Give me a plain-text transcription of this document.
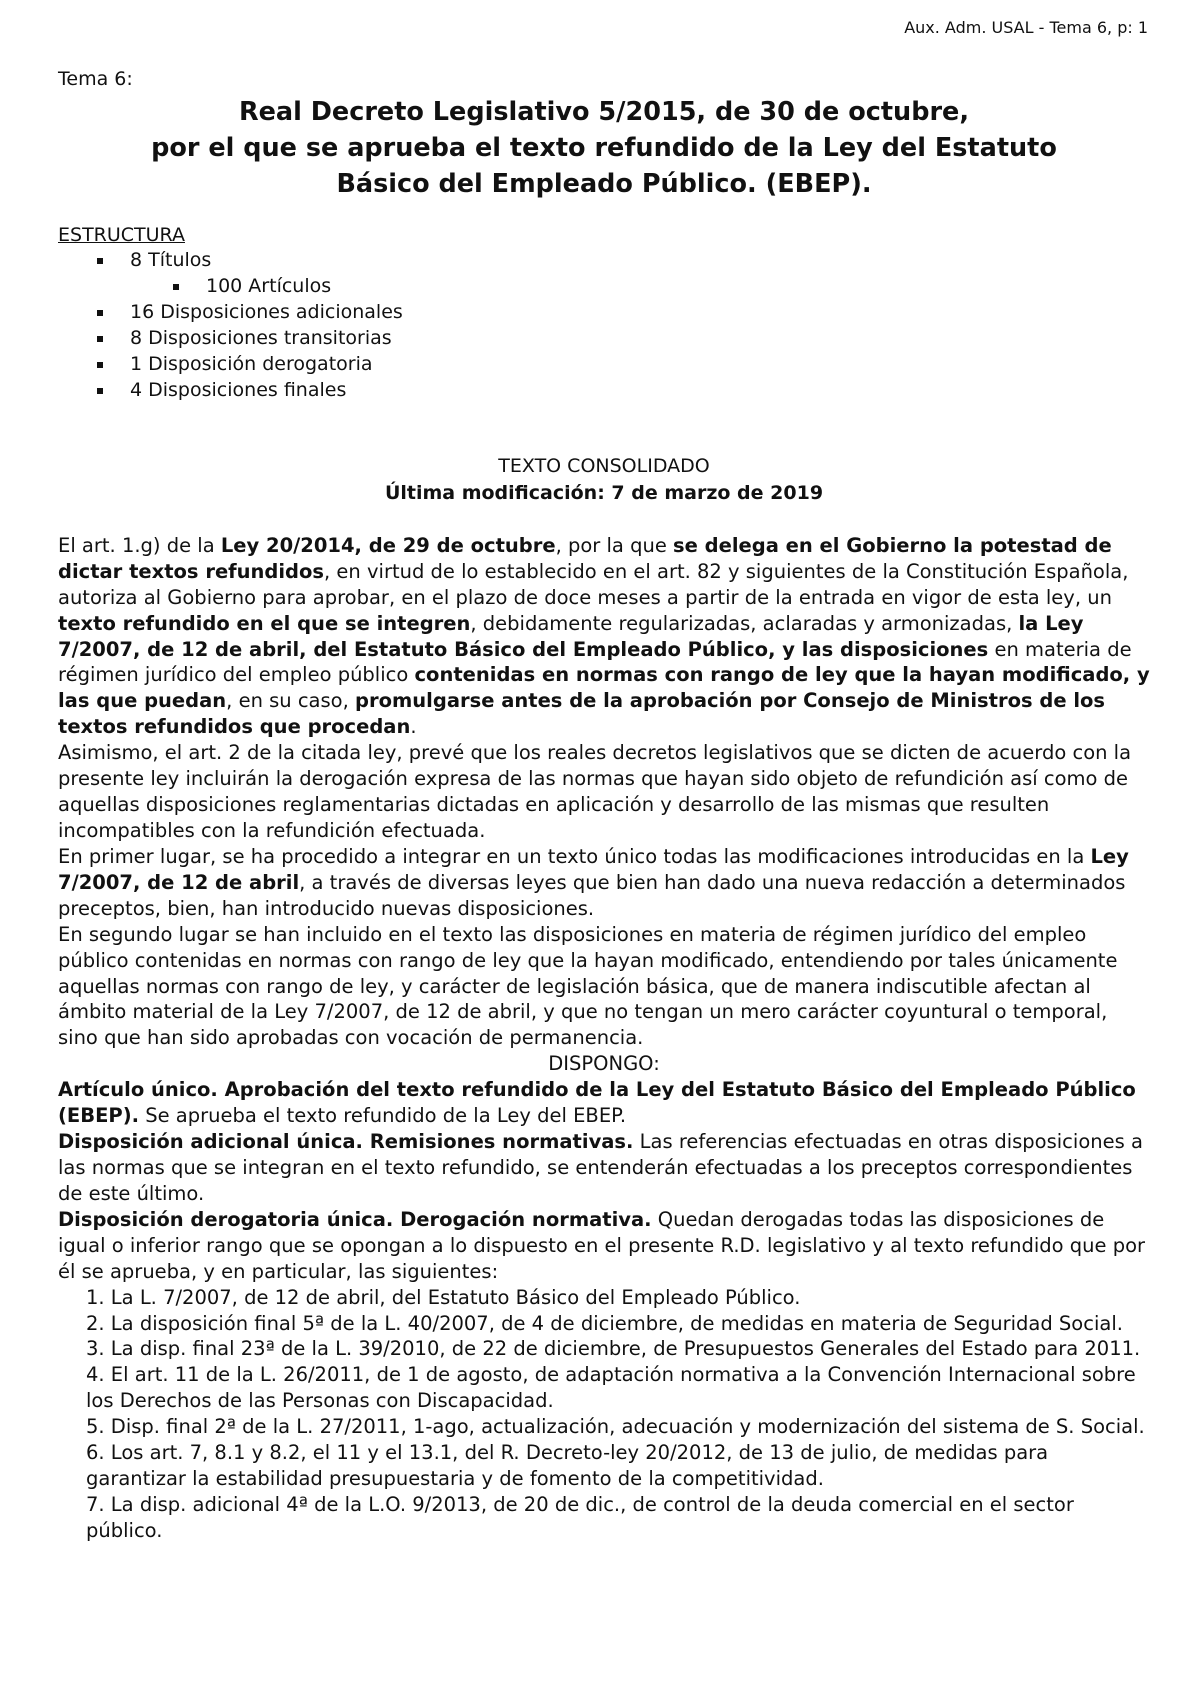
Aux. Adm. USAL - Tema 6, p: 1
Tema 6:
Real Decreto Legislativo 5/2015, de 30 de octubre,
por el que se aprueba el texto refundido de la Ley del Estatuto
Básico del Empleado Público. (EBEP).
ESTRUCTURA
8 Títulos
100 Artículos
16 Disposiciones adicionales
8 Disposiciones transitorias
1 Disposición derogatoria
4 Disposiciones finales
TEXTO CONSOLIDADO
Última modificación: 7 de marzo de 2019

El art. 1.g) de la Ley 20/2014, de 29 de octubre, por la que se delega en el Gobierno la potestad de dictar textos refundidos, en virtud de lo establecido en el art. 82 y siguientes de la Constitución Española, autoriza al Gobierno para aprobar, en el plazo de doce meses a partir de la entrada en vigor de esta ley, un texto refundido en el que se integren, debidamente regularizadas, aclaradas y armonizadas, la Ley 7/2007, de 12 de abril, del Estatuto Básico del Empleado Público, y las disposiciones en materia de régimen jurídico del empleo público contenidas en normas con rango de ley que la hayan modificado, y las que puedan, en su caso, promulgarse antes de la aprobación por Consejo de Ministros de los textos refundidos que procedan.

Asimismo, el art. 2 de la citada ley, prevé que los reales decretos legislativos que se dicten de acuerdo con la presente ley incluirán la derogación expresa de las normas que hayan sido objeto de refundición así como de aquellas disposiciones reglamentarias dictadas en aplicación y desarrollo de las mismas que resulten incompatibles con la refundición efectuada.

En primer lugar, se ha procedido a integrar en un texto único todas las modificaciones introducidas en la Ley 7/2007, de 12 de abril, a través de diversas leyes que bien han dado una nueva redacción a determinados preceptos, bien, han introducido nuevas disposiciones.

En segundo lugar se han incluido en el texto las disposiciones en materia de régimen jurídico del empleo público contenidas en normas con rango de ley que la hayan modificado, entendiendo por tales únicamente aquellas normas con rango de ley, y carácter de legislación básica, que de manera indiscutible afectan al ámbito material de la Ley 7/2007, de 12 de abril, y que no tengan un mero carácter coyuntural o temporal, sino que han sido aprobadas con vocación de permanencia.

DISPONGO:

Artículo único. Aprobación del texto refundido de la Ley del Estatuto Básico del Empleado Público (EBEP). Se aprueba el texto refundido de la Ley del EBEP.

Disposición adicional única. Remisiones normativas. Las referencias efectuadas en otras disposiciones a las normas que se integran en el texto refundido, se entenderán efectuadas a los preceptos correspondientes de este último.

Disposición derogatoria única. Derogación normativa. Quedan derogadas todas las disposiciones de igual o inferior rango que se opongan a lo dispuesto en el presente R.D. legislativo y al texto refundido que por él se aprueba, y en particular, las siguientes:

1. La L. 7/2007, de 12 de abril, del Estatuto Básico del Empleado Público.
2. La disposición final 5ª de la L. 40/2007, de 4 de diciembre, de medidas en materia de Seguridad Social.
3. La disp. final 23ª de la L. 39/2010, de 22 de diciembre, de Presupuestos Generales del Estado para 2011.
4. El art. 11 de la L. 26/2011, de 1 de agosto, de adaptación normativa a la Convención Internacional sobre los Derechos de las Personas con Discapacidad.
5. Disp. final 2ª de la L. 27/2011, 1-ago, actualización, adecuación y modernización del sistema de S. Social.
6. Los art. 7, 8.1 y 8.2, el 11 y el 13.1, del R. Decreto-ley 20/2012, de 13 de julio, de medidas para garantizar la estabilidad presupuestaria y de fomento de la competitividad.
7. La disp. adicional 4ª de la L.O. 9/2013, de 20 de dic., de control de la deuda comercial en el sector público.
